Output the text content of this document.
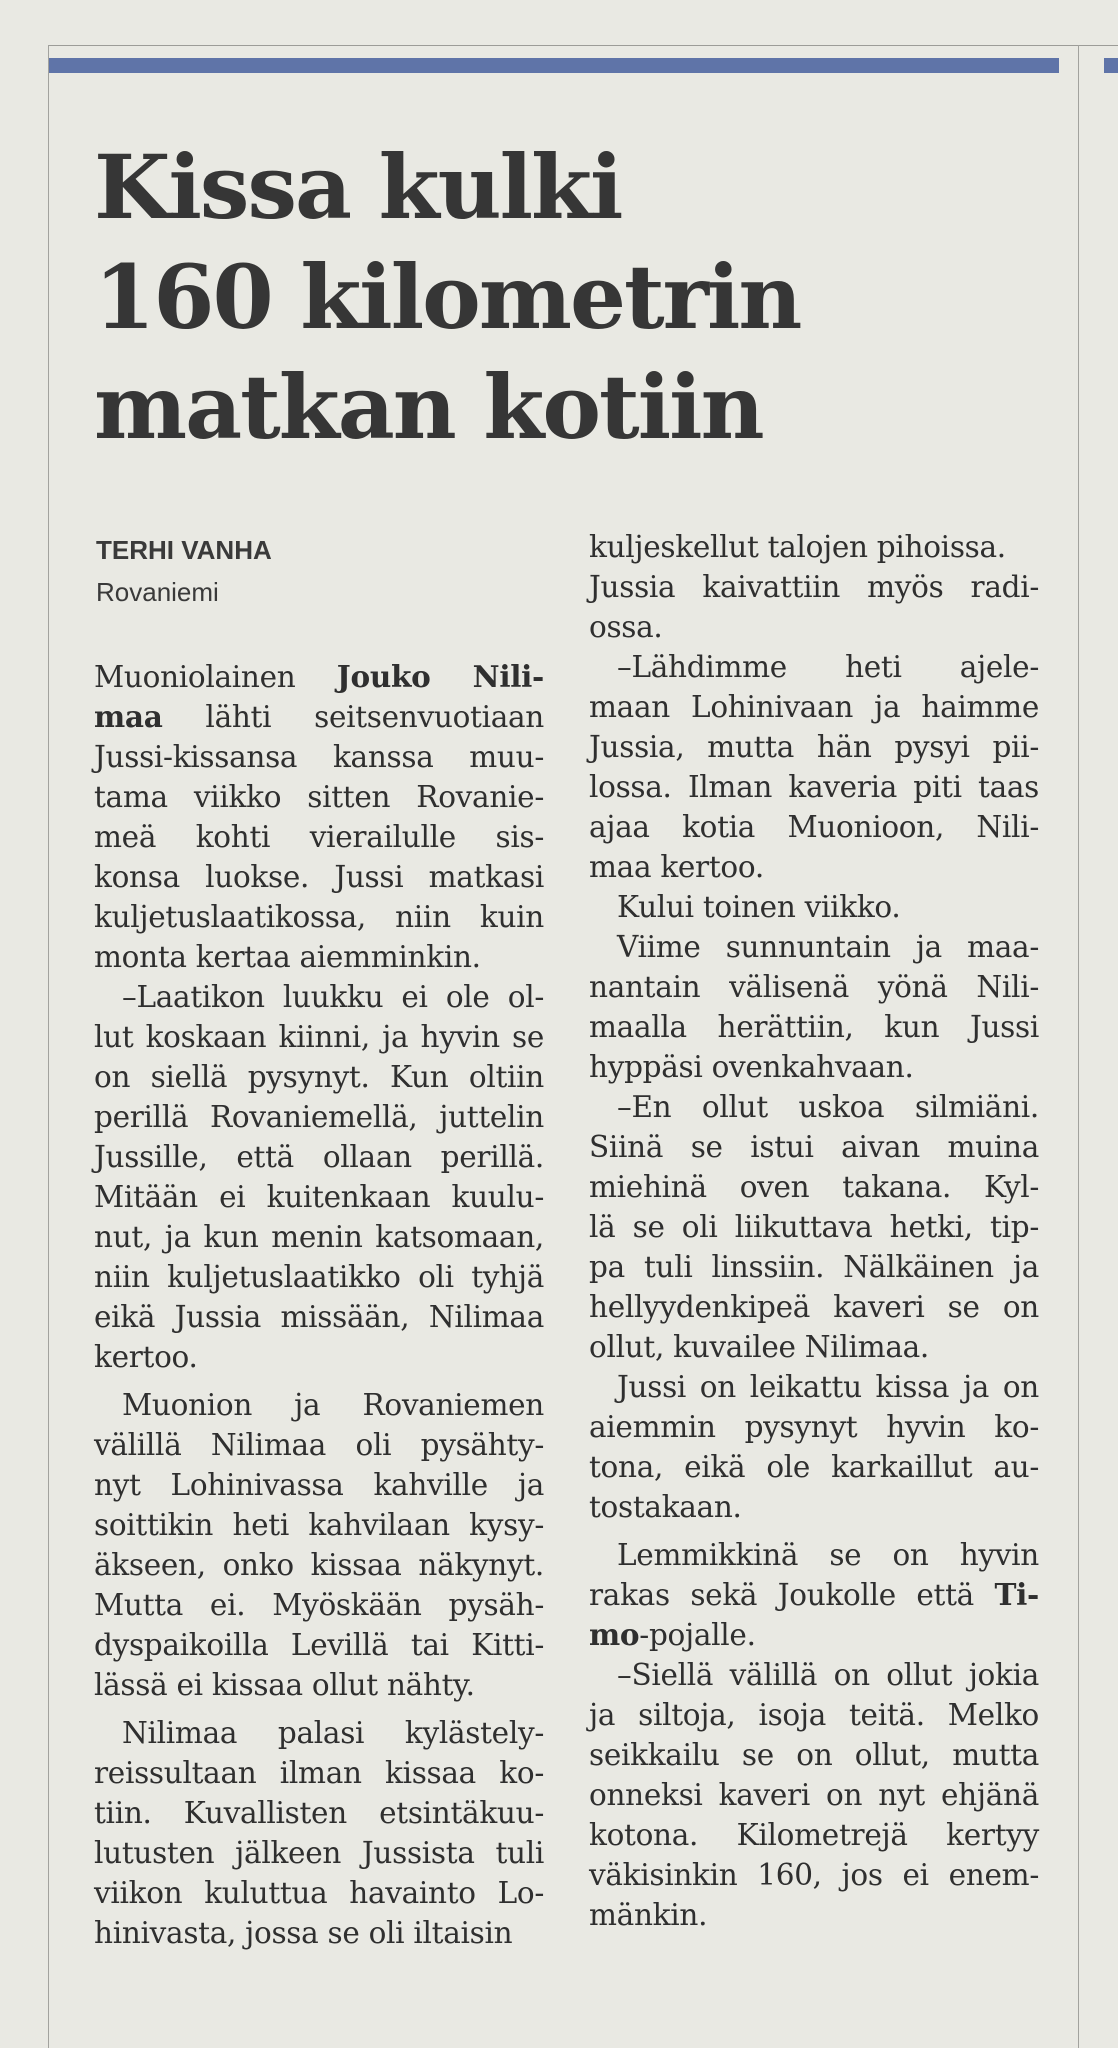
Kissa kulki
160 kilometrin
matkan kotiin
TERHI VANHA
Rovaniemi
Muoniolainen Jouko Nili-
maa lähti seitsenvuotiaan
Jussi-kissansa kanssa muu-
tama viikko sitten Rovanie-
meä kohti vierailulle sis-
konsa luokse. Jussi matkasi
kuljetuslaatikossa, niin kuin
monta kertaa aiemminkin.
–Laatikon luukku ei ole ol-
lut koskaan kiinni, ja hyvin se
on siellä pysynyt. Kun oltiin
perillä Rovaniemellä, juttelin
Jussille, että ollaan perillä.
Mitään ei kuitenkaan kuulu-
nut, ja kun menin katsomaan,
niin kuljetuslaatikko oli tyhjä
eikä Jussia missään, Nilimaa
kertoo.
Muonion ja Rovaniemen
välillä Nilimaa oli pysähty-
nyt Lohinivassa kahville ja
soittikin heti kahvilaan kysy-
äkseen, onko kissaa näkynyt.
Mutta ei. Myöskään pysäh-
dyspaikoilla Levillä tai Kitti-
lässä ei kissaa ollut nähty.
Nilimaa palasi kylästely-
reissultaan ilman kissaa ko-
tiin. Kuvallisten etsintäkuu-
lutusten jälkeen Jussista tuli
viikon kuluttua havainto Lo-
hinivasta, jossa se oli iltaisin
kuljeskellut talojen pihoissa.
Jussia kaivattiin myös radi-
ossa.
–Lähdimme heti ajele-
maan Lohinivaan ja haimme
Jussia, mutta hän pysyi pii-
lossa. Ilman kaveria piti taas
ajaa kotia Muonioon, Nili-
maa kertoo.
Kului toinen viikko.
Viime sunnuntain ja maa-
nantain välisenä yönä Nili-
maalla herättiin, kun Jussi
hyppäsi ovenkahvaan.
–En ollut uskoa silmiäni.
Siinä se istui aivan muina
miehinä oven takana. Kyl-
lä se oli liikuttava hetki, tip-
pa tuli linssiin. Nälkäinen ja
hellyydenkipeä kaveri se on
ollut, kuvailee Nilimaa.
Jussi on leikattu kissa ja on
aiemmin pysynyt hyvin ko-
tona, eikä ole karkaillut au-
tostakaan.
Lemmikkinä se on hyvin
rakas sekä Joukolle että Ti-
mo-pojalle.
–Siellä välillä on ollut jokia
ja siltoja, isoja teitä. Melko
seikkailu se on ollut, mutta
onneksi kaveri on nyt ehjänä
kotona. Kilometrejä kertyy
väkisinkin 160, jos ei enem-
mänkin.
